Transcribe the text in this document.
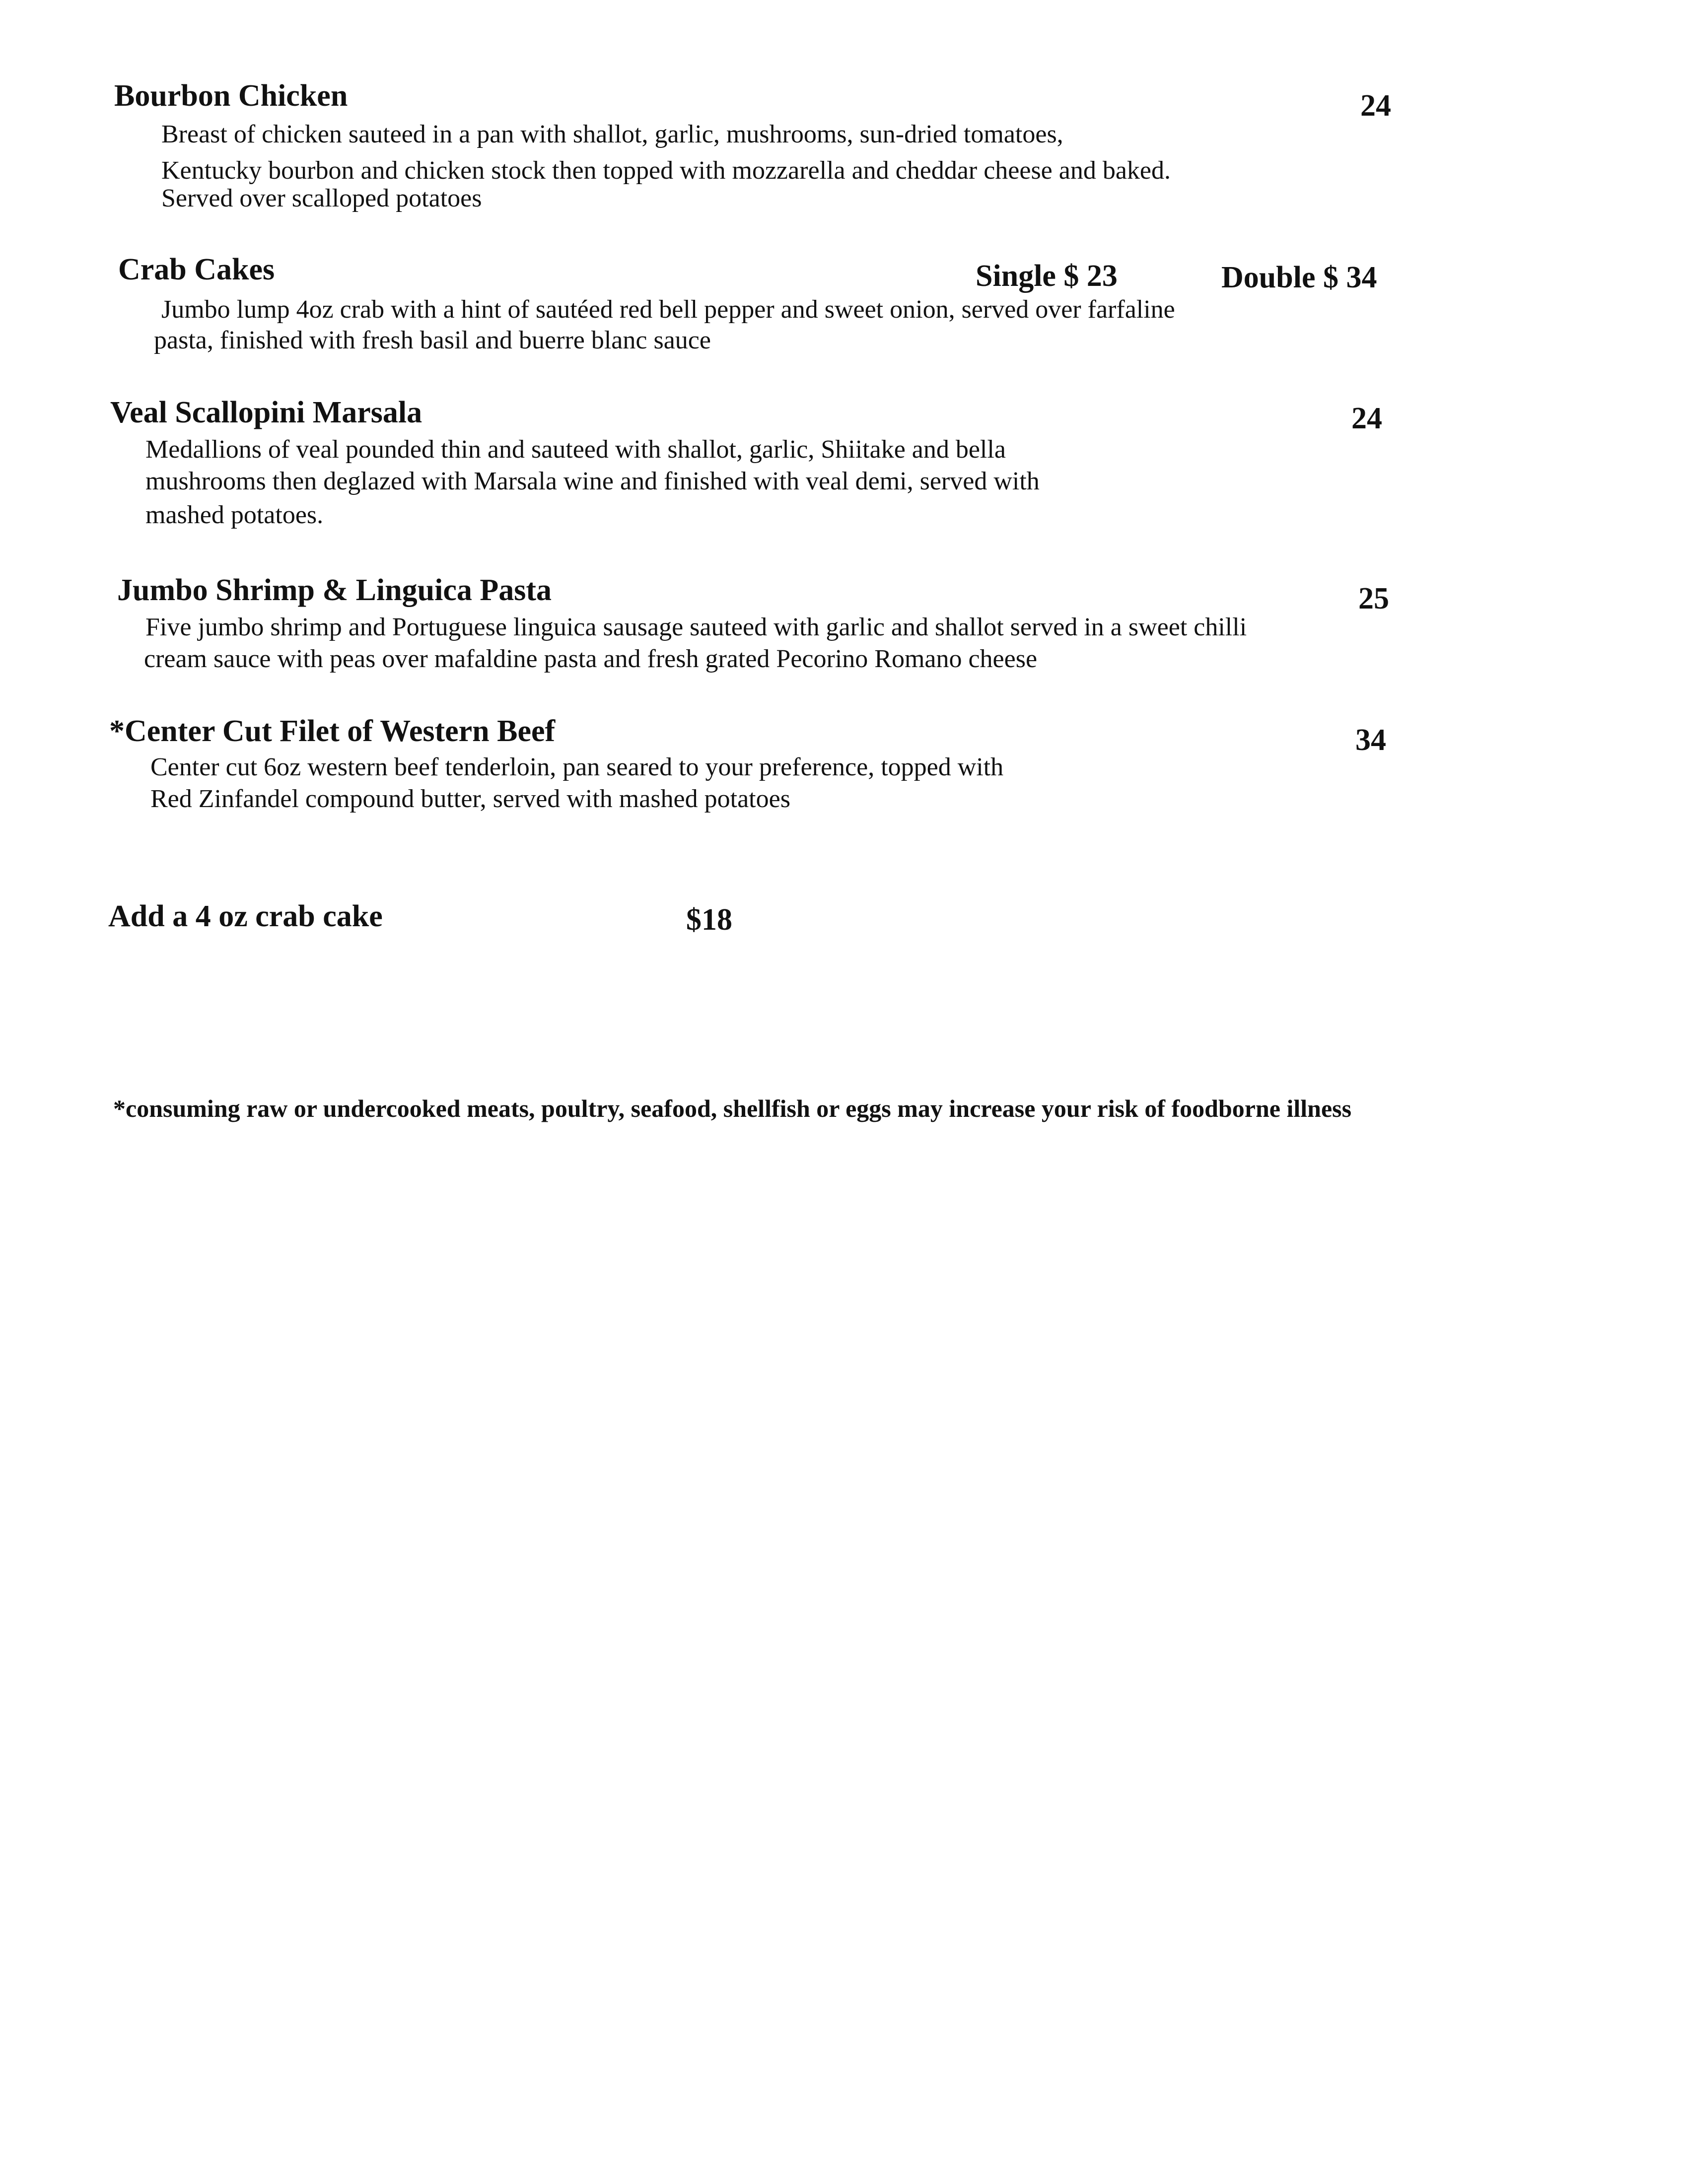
Bourbon Chicken	24
Breast of chicken sauteed in a pan with shallot, garlic, mushrooms, sun-dried tomatoes,
Kentucky bourbon and chicken stock then topped with mozzarella and cheddar cheese and baked.
Served over scalloped potatoes
Crab Cakes	Single $ 23	Double $ 34
Jumbo lump 4oz crab with a hint of sautéed red bell pepper and sweet onion, served over farfaline
pasta, finished with fresh basil and buerre blanc sauce
Veal Scallopini Marsala	24
Medallions of veal pounded thin and sauteed with shallot, garlic, Shiitake and bella
mushrooms then deglazed with Marsala wine and finished with veal demi, served with
mashed potatoes.
Jumbo Shrimp & Linguica Pasta	25
Five jumbo shrimp and Portuguese linguica sausage sauteed with garlic and shallot served in a sweet chilli
cream sauce with peas over mafaldine pasta and fresh grated Pecorino Romano cheese
*Center Cut Filet of Western Beef	34
Center cut 6oz western beef tenderloin, pan seared to your preference, topped with
Red Zinfandel compound butter, served with mashed potatoes
Add a 4 oz crab cake	$18
*consuming raw or undercooked meats, poultry, seafood, shellfish or eggs may increase your risk of foodborne illness
